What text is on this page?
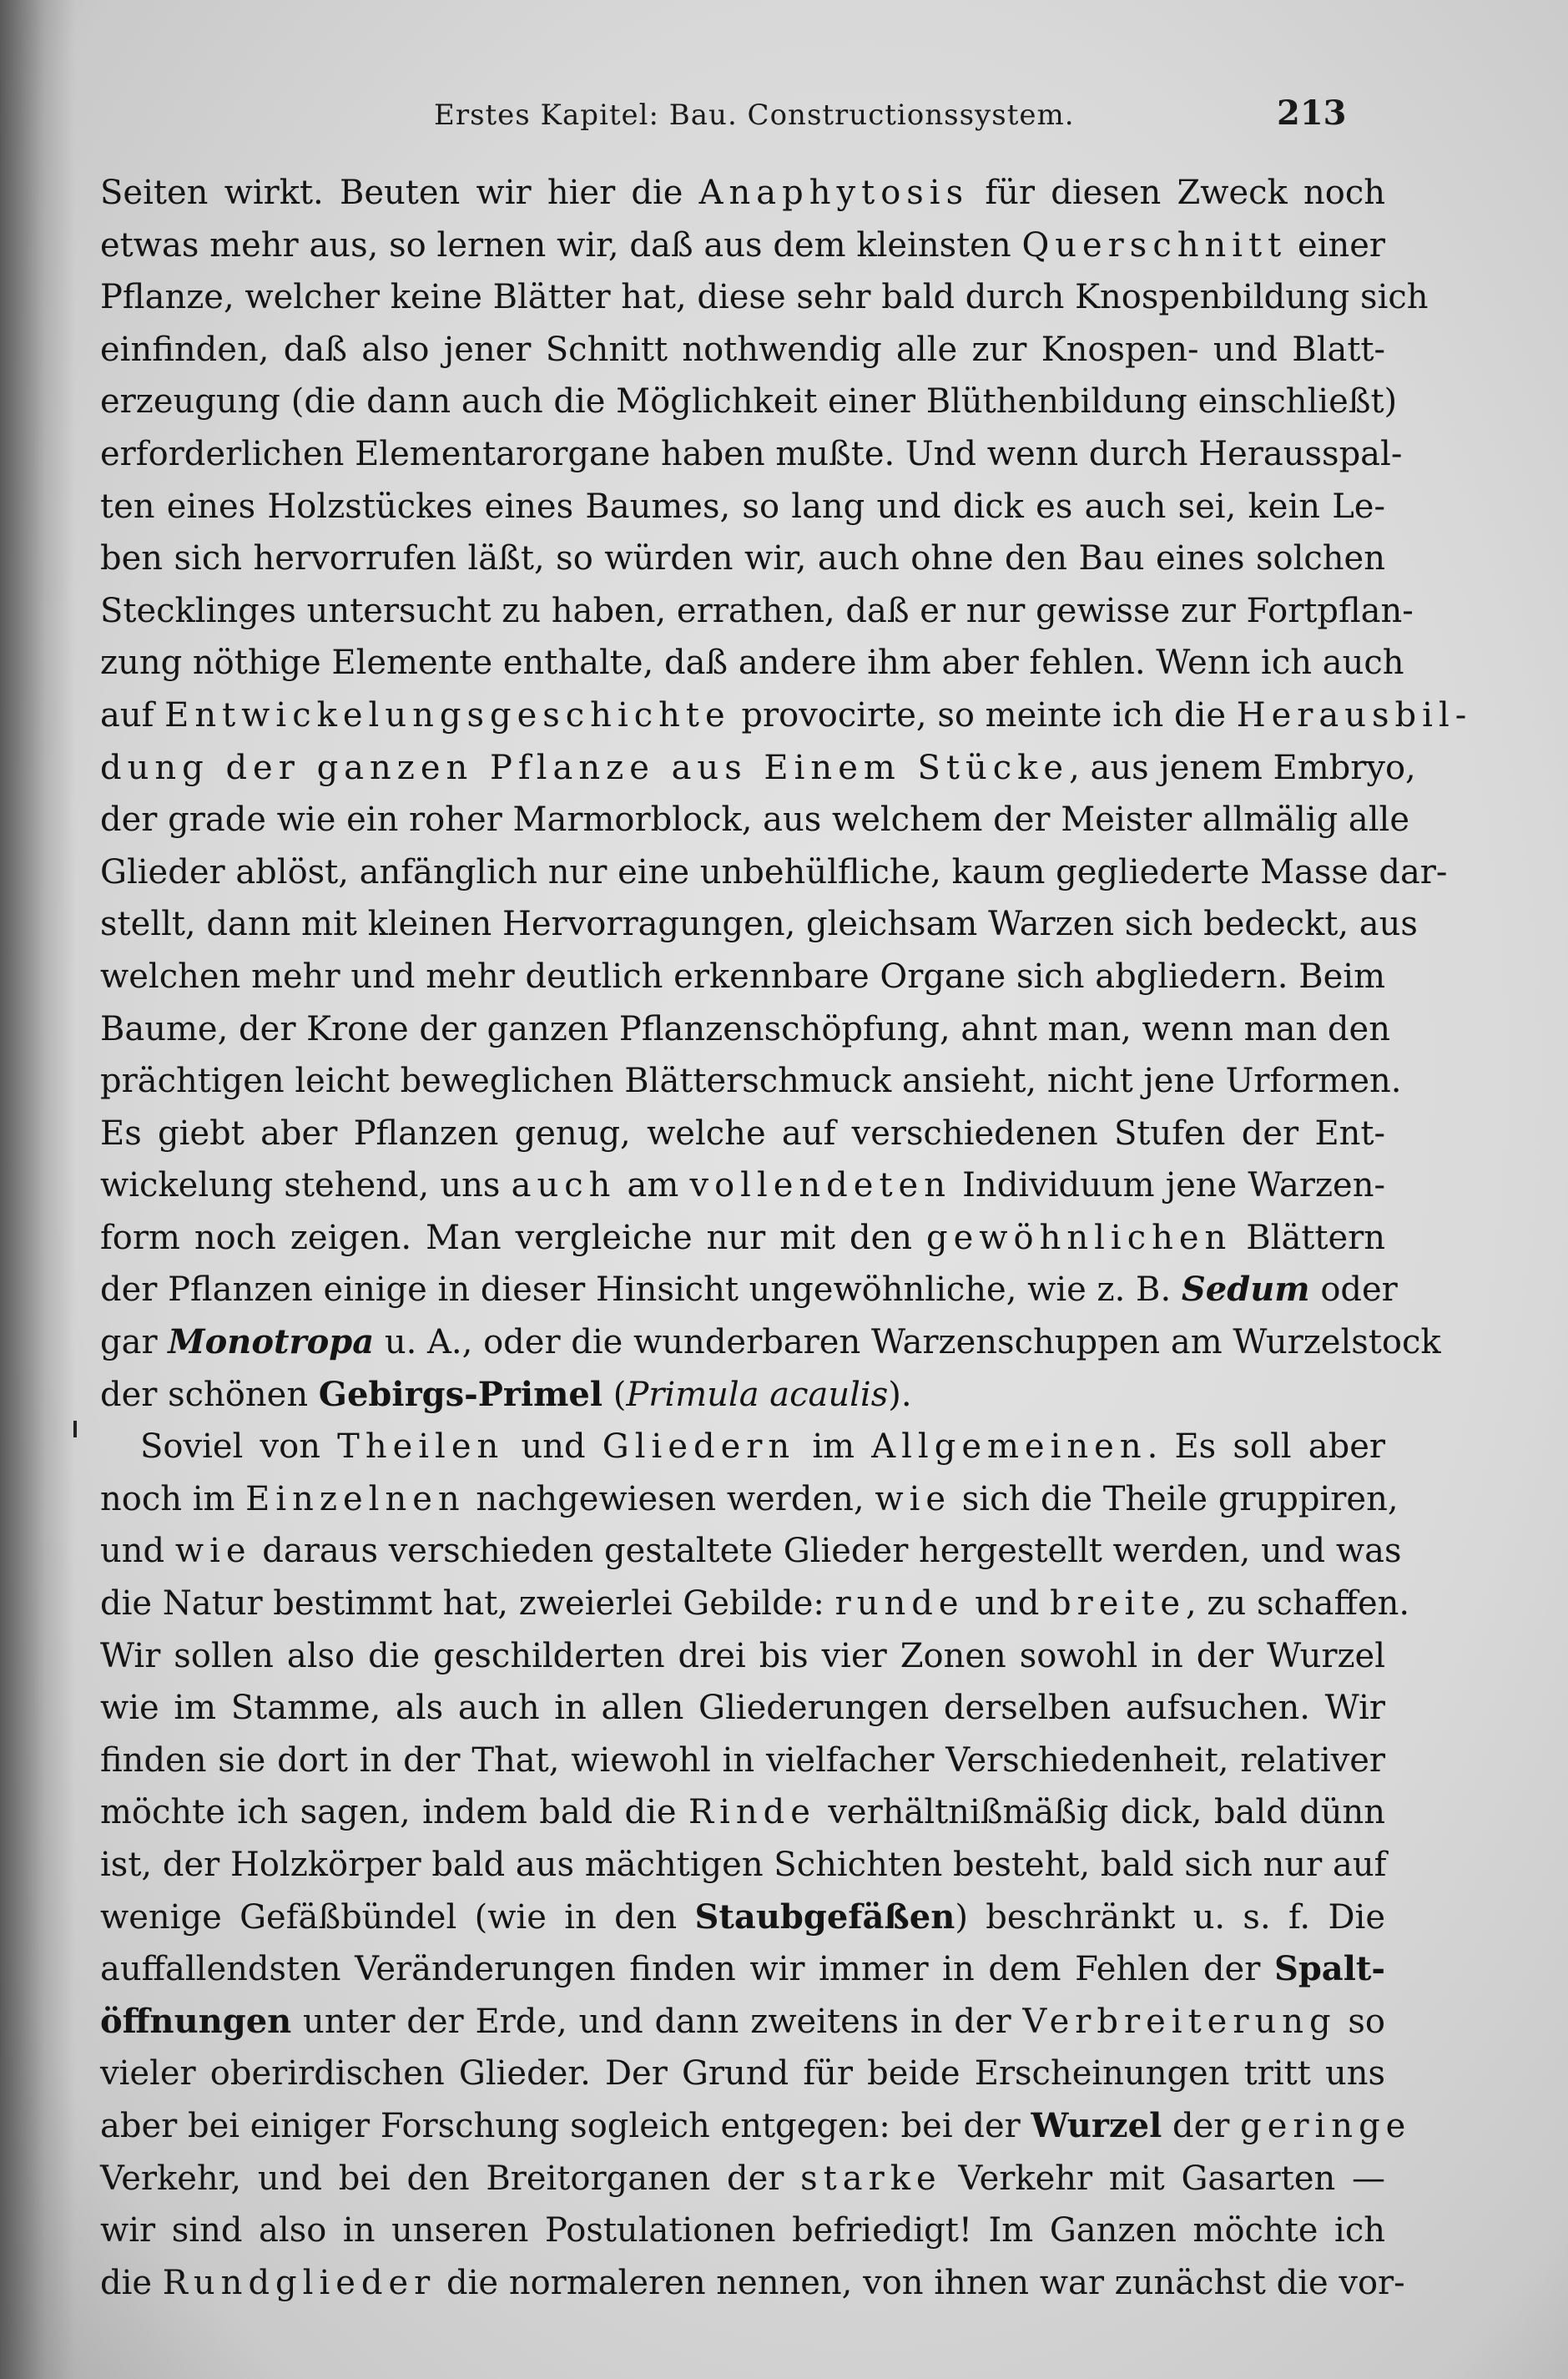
Erstes Kapitel: Bau. Constructionssystem.	213
Seiten wirkt. Beuten wir hier die Anaphytosis für diesen Zweck noch
etwas mehr aus, so lernen wir, daß aus dem kleinsten Querschnitt einer
Pflanze, welcher keine Blätter hat, diese sehr bald durch Knospenbildung sich
einfinden, daß also jener Schnitt nothwendig alle zur Knospen- und Blatt-
erzeugung (die dann auch die Möglichkeit einer Blüthenbildung einschließt)
erforderlichen Elementarorgane haben mußte. Und wenn durch Herausspal-
ten eines Holzstückes eines Baumes, so lang und dick es auch sei, kein Le-
ben sich hervorrufen läßt, so würden wir, auch ohne den Bau eines solchen
Stecklinges untersucht zu haben, errathen, daß er nur gewisse zur Fortpflan-
zung nöthige Elemente enthalte, daß andere ihm aber fehlen. Wenn ich auch
auf Entwickelungsgeschichte provocirte, so meinte ich die Herausbil-
dung der ganzen Pflanze aus Einem Stücke, aus jenem Embryo,
der grade wie ein roher Marmorblock, aus welchem der Meister allmälig alle
Glieder ablöst, anfänglich nur eine unbehülfliche, kaum gegliederte Masse dar-
stellt, dann mit kleinen Hervorragungen, gleichsam Warzen sich bedeckt, aus
welchen mehr und mehr deutlich erkennbare Organe sich abgliedern. Beim
Baume, der Krone der ganzen Pflanzenschöpfung, ahnt man, wenn man den
prächtigen leicht beweglichen Blätterschmuck ansieht, nicht jene Urformen.
Es giebt aber Pflanzen genug, welche auf verschiedenen Stufen der Ent-
wickelung stehend, uns auch am vollendeten Individuum jene Warzen-
form noch zeigen. Man vergleiche nur mit den gewöhnlichen Blättern
der Pflanzen einige in dieser Hinsicht ungewöhnliche, wie z. B. Sedum oder
gar Monotropa u. A., oder die wunderbaren Warzenschuppen am Wurzelstock
der schönen Gebirgs-Primel (Primula acaulis).
Soviel von Theilen und Gliedern im Allgemeinen. Es soll aber
noch im Einzelnen nachgewiesen werden, wie sich die Theile gruppiren,
und wie daraus verschieden gestaltete Glieder hergestellt werden, und was
die Natur bestimmt hat, zweierlei Gebilde: runde und breite, zu schaffen.
Wir sollen also die geschilderten drei bis vier Zonen sowohl in der Wurzel
wie im Stamme, als auch in allen Gliederungen derselben aufsuchen. Wir
finden sie dort in der That, wiewohl in vielfacher Verschiedenheit, relativer
möchte ich sagen, indem bald die Rinde verhältnißmäßig dick, bald dünn
ist, der Holzkörper bald aus mächtigen Schichten besteht, bald sich nur auf
wenige Gefäßbündel (wie in den Staubgefäßen) beschränkt u. s. f. Die
auffallendsten Veränderungen finden wir immer in dem Fehlen der Spalt-
öffnungen unter der Erde, und dann zweitens in der Verbreiterung so
vieler oberirdischen Glieder. Der Grund für beide Erscheinungen tritt uns
aber bei einiger Forschung sogleich entgegen: bei der Wurzel der geringe
Verkehr, und bei den Breitorganen der starke Verkehr mit Gasarten —
wir sind also in unseren Postulationen befriedigt! Im Ganzen möchte ich
die Rundglieder die normaleren nennen, von ihnen war zunächst die vor-
